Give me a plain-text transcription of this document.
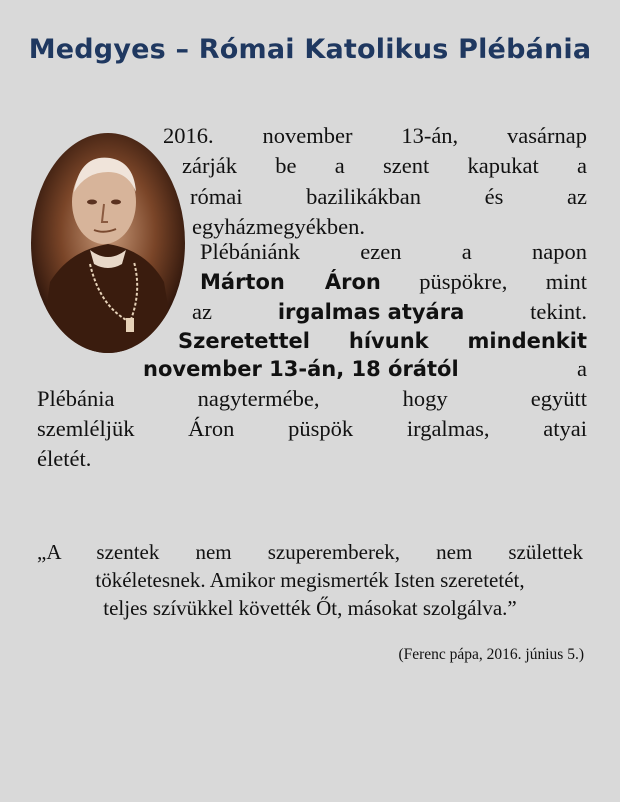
Medgyes – Római Katolikus Plébánia
2016. november 13-án, vasárnap
zárják be a szent kapukat a
római bazilikákban és az
egyházmegyékben.
Plébániánk ezen a napon
Márton Áron püspökre, mint
az	irgalmas atyára	tekint.
Szeretettel hívunk mindenkit
november 13-án, 18 órától	a
Plébánia nagytermébe, hogy együtt
szemléljük Áron püspök irgalmas, atyai
életét.
„A szentek nem szuperemberek, nem születtek
tökéletesnek. Amikor megismerték Isten szeretetét,
teljes szívükkel követték Őt, másokat szolgálva.”
(Ferenc pápa, 2016. június 5.)
